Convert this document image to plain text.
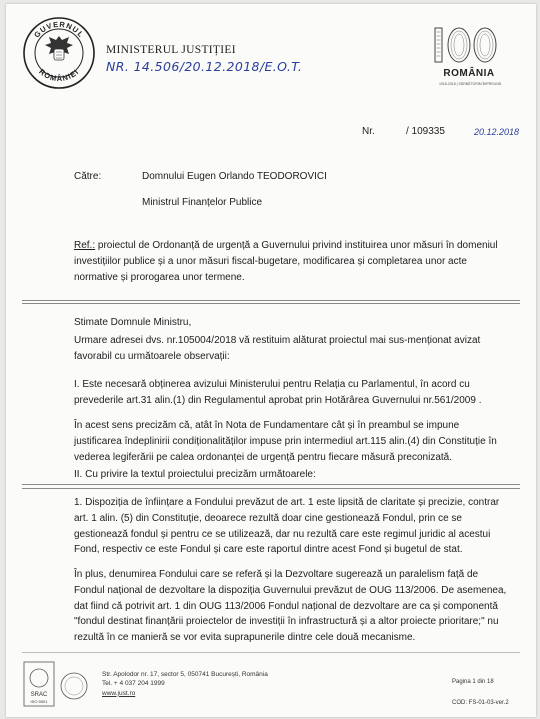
GUVERNUL
ROMÂNIEI
MINISTERUL JUSTIȚIEI
NR. 14.506/20.12.2018/E.O.T.
100
ROMÂNIA
1918-2018 | SĂRBĂTORIM ÎMPREUNĂ
Nr.	/ 109335	20.12.2018
Către:	Domnului Eugen Orlando TEODOROVICI
Ministrul Finanțelor Publice
Ref.: proiectul de Ordonanță de urgență a Guvernului privind instituirea unor măsuri în domeniul investițiilor publice și a unor măsuri fiscal-bugetare, modificarea și completarea unor acte normative și prorogarea unor termene.
Stimate Domnule Ministru,
Urmare adresei dvs. nr.105004/2018 vă restituim alăturat proiectul mai sus-menționat avizat favorabil cu următoarele observații:
I. Este necesară obținerea avizului Ministerului pentru Relația cu Parlamentul, în acord cu prevederile art.31 alin.(1) din Regulamentul aprobat prin Hotărârea Guvernului nr.561/2009 .
În acest sens precizăm că, atât în Nota de Fundamentare cât și în preambul se impune justificarea îndeplinirii condiționalităților impuse prin intermediul art.115 alin.(4) din Constituție în vederea legiferării pe calea ordonanței de urgență pentru fiecare măsură preconizată.
II. Cu privire la textul proiectului precizăm următoarele:
1. Dispoziția de înființare a Fondului prevăzut de art. 1 este lipsită de claritate și precizie, contrar art. 1 alin. (5) din Constituție, deoarece rezultă doar cine gestionează Fondul, prin ce se gestionează fondul și pentru ce se utilizează, dar nu rezultă care este regimul juridic al acestui Fond, respectiv ce este Fondul și care este raportul dintre acest Fond și bugetul de stat.
În plus, denumirea Fondului care se referă și la Dezvoltare sugerează un paralelism față de Fondul național de dezvoltare la dispoziția Guvernului prevăzut de OUG 113/2006. De asemenea, dat fiind că potrivit art. 1 din OUG 113/2006 Fondul național de dezvoltare are ca și componentă "fondul destinat finanțării proiectelor de investiții în infrastructură și a altor proiecte prioritare;" nu rezultă în ce manieră se vor evita suprapunerile dintre cele două mecanisme.
SRAC
ISO 9001
Str. Apolodor nr. 17, sector 5, 050741 București, România
Tel. + 4 037 204 1999
www.just.ro
Pagina 1 din 18
COD: FS-01-03-ver.2
